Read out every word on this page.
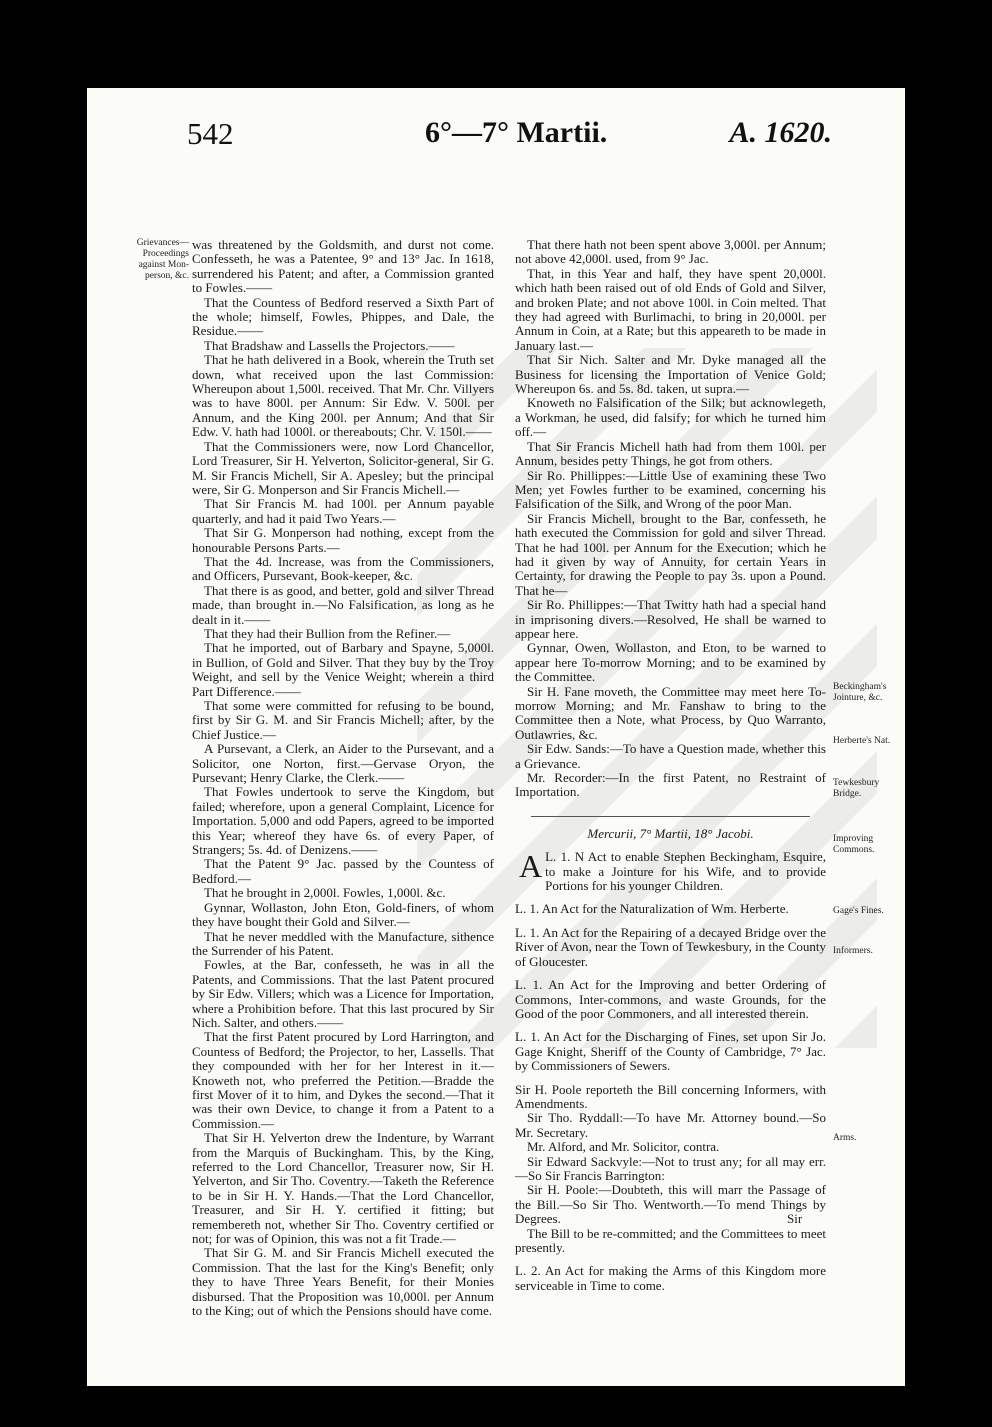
542	6°—7° Martii.	A. 1620.
Grievances—Proceedings against Mon- person, &c.

was threatened by the Goldsmith, and durst not come. Confesseth, he was a Patentee, 9° and 13° Jac. In 1618, surrendered his Patent; and after, a Commission granted to Fowles.——

That the Countess of Bedford reserved a Sixth Part of the whole; himself, Fowles, Phippes, and Dale, the Residue.——

That Bradshaw and Lassells the Projectors.——

That he hath delivered in a Book, wherein the Truth set down, what received upon the last Commission: Whereupon about 1,500l. received. That Mr. Chr. Villyers was to have 800l. per Annum: Sir Edw. V. 500l. per Annum, and the King 200l. per Annum; And that Sir Edw. V. hath had 1000l. or thereabouts; Chr. V. 150l.——

That the Commissioners were, now Lord Chancellor, Lord Treasurer, Sir H. Yelverton, Solicitor-general, Sir G. M. Sir Francis Michell, Sir A. Apesley; but the principal were, Sir G. Monperson and Sir Francis Michell.—

That Sir Francis M. had 100l. per Annum payable quarterly, and had it paid Two Years.—

That Sir G. Monperson had nothing, except from the honourable Persons Parts.—

That the 4d. Increase, was from the Commissioners, and Officers, Pursevant, Book-keeper, &c.

That there is as good, and better, gold and silver Thread made, than brought in.—No Falsification, as long as he dealt in it.——

That they had their Bullion from the Refiner.—

That he imported, out of Barbary and Spayne, 5,000l. in Bullion, of Gold and Silver. That they buy by the Troy Weight, and sell by the Venice Weight; wherein a third Part Difference.——

That some were committed for refusing to be bound, first by Sir G. M. and Sir Francis Michell; after, by the Chief Justice.—

A Pursevant, a Clerk, an Aider to the Pursevant, and a Solicitor, one Norton, first.—Gervase Oryon, the Pursevant; Henry Clarke, the Clerk.——

That Fowles undertook to serve the Kingdom, but failed; wherefore, upon a general Complaint, Licence for Importation. 5,000 and odd Papers, agreed to be imported this Year; whereof they have 6s. of every Paper, of Strangers; 5s. 4d. of Denizens.——

That the Patent 9° Jac. passed by the Countess of Bedford.—

That he brought in 2,000l. Fowles, 1,000l. &c.

Gynnar, Wollaston, John Eton, Gold-finers, of whom they have bought their Gold and Silver.—

That he never meddled with the Manufacture, sithence the Surrender of his Patent.

Fowles, at the Bar, confesseth, he was in all the Patents, and Commissions. That the last Patent procured by Sir Edw. Villers; which was a Licence for Importation, where a Prohibition before. That this last procured by Sir Nich. Salter, and others.——

That the first Patent procured by Lord Harrington, and Countess of Bedford; the Projector, to her, Lassells. That they compounded with her for her Interest in it.—Knoweth not, who preferred the Petition.—Bradde the first Mover of it to him, and Dykes the second.—That it was their own Device, to change it from a Patent to a Commission.—

That Sir H. Yelverton drew the Indenture, by Warrant from the Marquis of Buckingham. This, by the King, referred to the Lord Chancellor, Treasurer now, Sir H. Yelverton, and Sir Tho. Coventry.—Taketh the Reference to be in Sir H. Y. Hands.—That the Lord Chancellor, Treasurer, and Sir H. Y. certified it fitting; but remembereth not, whether Sir Tho. Coventry certified or not; for was of Opinion, this was not a fit Trade.—

That Sir G. M. and Sir Francis Michell executed the Commission. That the last for the King's Benefit; only they to have Three Years Benefit, for their Monies disbursed. That the Proposition was 10,000l. per Annum to the King; out of which the Pensions should have come.

That there hath not been spent above 3,000l. per Annum; not above 42,000l. used, from 9° Jac.

That, in this Year and half, they have spent 20,000l. which hath been raised out of old Ends of Gold and Silver, and broken Plate; and not above 100l. in Coin melted. That they had agreed with Burlimachi, to bring in 20,000l. per Annum in Coin, at a Rate; but this appeareth to be made in January last.—

That Sir Nich. Salter and Mr. Dyke managed all the Business for licensing the Importation of Venice Gold; Whereupon 6s. and 5s. 8d. taken, ut supra.—

Knoweth no Falsification of the Silk; but acknowlegeth, a Workman, he used, did falsify; for which he turned him off.—

That Sir Francis Michell hath had from them 100l. per Annum, besides petty Things, he got from others.

Sir Ro. Phillippes:—Little Use of examining these Two Men; yet Fowles further to be examined, concerning his Falsification of the Silk, and Wrong of the poor Man.

Sir Francis Michell, brought to the Bar, confesseth, he hath executed the Commission for gold and silver Thread. That he had 100l. per Annum for the Execution; which he had it given by way of Annuity, for certain Years in Certainty, for drawing the People to pay 3s. upon a Pound. That he—

Sir Ro. Phillippes:—That Twitty hath had a special hand in imprisoning divers.—Resolved, He shall be warned to appear here.

Gynnar, Owen, Wollaston, and Eton, to be warned to appear here To-morrow Morning; and to be examined by the Committee.

Sir H. Fane moveth, the Committee may meet here To-morrow Morning; and Mr. Fanshaw to bring to the Committee then a Note, what Process, by Quo Warranto, Outlawries, &c.

Sir Edw. Sands:—To have a Question made, whether this a Grievance.

Mr. Recorder:—In the first Patent, no Restraint of Importation.

Mercurii, 7° Martii, 18° Jacobi.

L. 1.
A	N Act to enable Stephen Beckingham, Esquire, to make a Jointure for his Wife, and to provide Portions for his younger Children.

L. 1. An Act for the Naturalization of Wm. Herberte.

L. 1. An Act for the Repairing of a decayed Bridge over the River of Avon, near the Town of Tewkesbury, in the County of Gloucester.

L. 1. An Act for the Improving and better Ordering of Commons, Inter-commons, and waste Grounds, for the Good of the poor Commoners, and all interested therein.

L. 1. An Act for the Discharging of Fines, set upon Sir Jo. Gage Knight, Sheriff of the County of Cambridge, 7° Jac. by Commissioners of Sewers.

Sir H. Poole reporteth the Bill concerning Informers, with Amendments.

Sir Tho. Ryddall:—To have Mr. Attorney bound.—So Mr. Secretary.

Mr. Alford, and Mr. Solicitor, contra.

Sir Edward Sackvyle:—Not to trust any; for all may err.—So Sir Francis Barrington:

Sir H. Poole:—Doubteth, this will marr the Passage of the Bill.—So Sir Tho. Wentworth.—To mend Things by Degrees.

The Bill to be re-committed; and the Committees to meet presently.

L. 2. An Act for making the Arms of this Kingdom more serviceable in Time to come.

Beckingham's Jointure, &c.
Herberte's Nat.
Tewkesbury Bridge.
Improving Commons.
Gage's Fines.
Informers.
Arms.
Sir
